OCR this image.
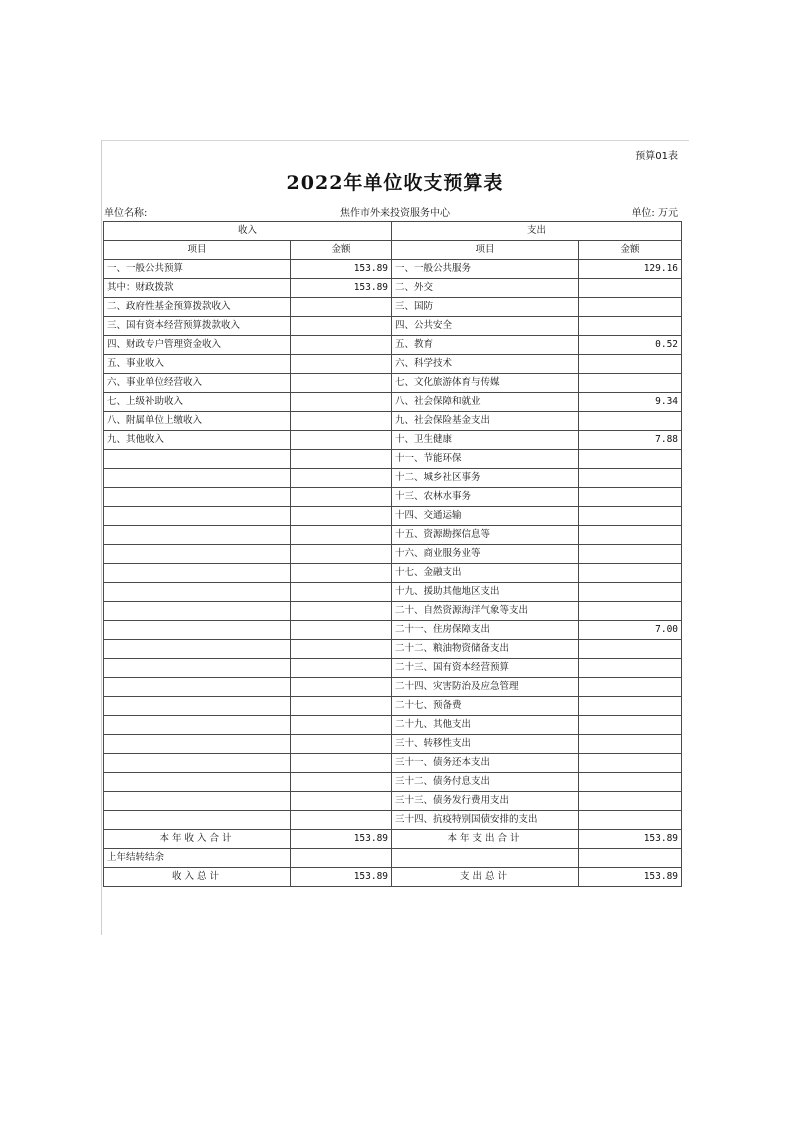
预算01表
2022年单位收支预算表
单位名称:	焦作市外来投资服务中心	单位: 万元
收入		支出	
项目	金额	项目	金额
一、一般公共预算	153.89	一、一般公共服务	129.16
其中：财政拨款	153.89	二、外交	
二、政府性基金预算拨款收入		三、国防	
三、国有资本经营预算拨款收入		四、公共安全	
四、财政专户管理资金收入		五、教育	0.52
五、事业收入		六、科学技术	
六、事业单位经营收入		七、文化旅游体育与传媒	
七、上级补助收入		八、社会保障和就业	9.34
八、附属单位上缴收入		九、社会保险基金支出	
九、其他收入		十、卫生健康	7.88
		十一、节能环保	
		十二、城乡社区事务	
		十三、农林水事务	
		十四、交通运输	
		十五、资源勘探信息等	
		十六、商业服务业等	
		十七、金融支出	
		十九、援助其他地区支出	
		二十、自然资源海洋气象等支出	
		二十一、住房保障支出	7.00
		二十二、粮油物资储备支出	
		二十三、国有资本经营预算	
		二十四、灾害防治及应急管理	
		二十七、预备费	
		二十九、其他支出	
		三十、转移性支出	
		三十一、债务还本支出	
		三十二、债务付息支出	
		三十三、债务发行费用支出	
		三十四、抗疫特别国债安排的支出	
本年收入合计	153.89	本年支出合计	153.89
上年结转结余			
收入总计	153.89	支出总计	153.89
